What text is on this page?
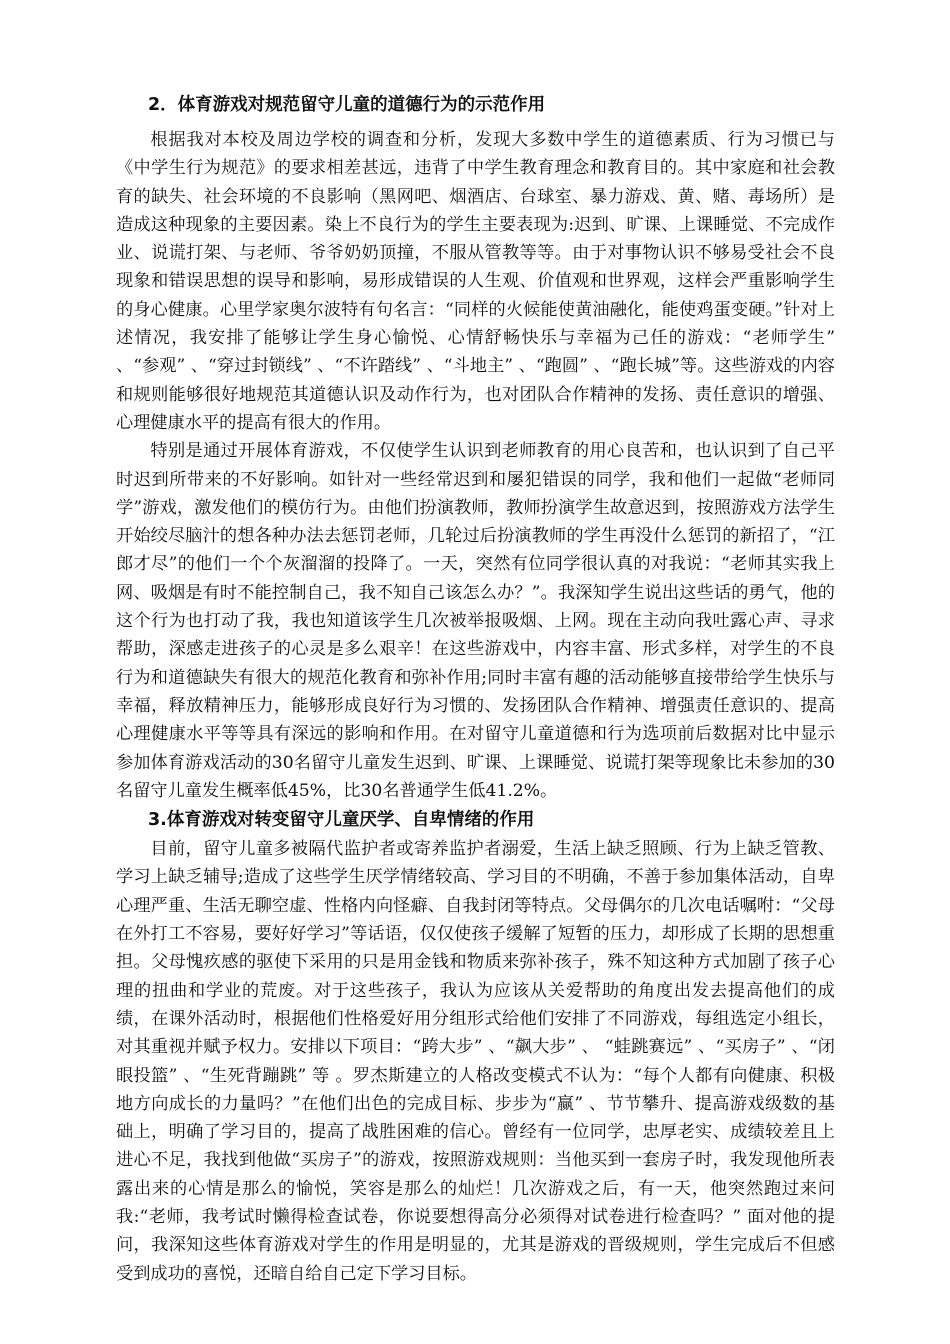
2．体育游戏对规范留守儿童的道德行为的示范作用

根据我对本校及周边学校的调查和分析，发现大多数中学生的道德素质、行为习惯已与《中学生行为规范》的要求相差甚远，违背了中学生教育理念和教育目的。其中家庭和社会教育的缺失、社会环境的不良影响（黑网吧、烟酒店、台球室、暴力游戏、黄、赌、毒场所）是造成这种现象的主要因素。染上不良行为的学生主要表现为:迟到、旷课、上课睡觉、不完成作业、说谎打架、与老师、爷爷奶奶顶撞，不服从管教等等。由于对事物认识不够易受社会不良现象和错误思想的误导和影响，易形成错误的人生观、价值观和世界观，这样会严重影响学生的身心健康。心里学家奥尔波特有句名言：“同样的火候能使黄油融化，能使鸡蛋变硬。”针对上述情况，我安排了能够让学生身心愉悦、心情舒畅快乐与幸福为己任的游戏：“老师学生” 、“参观” 、“穿过封锁线” 、“不许踏线” 、“斗地主” 、“跑圆” 、“跑长城”等。这些游戏的内容和规则能够很好地规范其道德认识及动作行为，也对团队合作精神的发扬、责任意识的增强、心理健康水平的提高有很大的作用。

特别是通过开展体育游戏，不仅使学生认识到老师教育的用心良苦和，也认识到了自己平时迟到所带来的不好影响。如针对一些经常迟到和屡犯错误的同学，我和他们一起做“老师同学”游戏，激发他们的模仿行为。由他们扮演教师，教师扮演学生故意迟到，按照游戏方法学生开始绞尽脑汁的想各种办法去惩罚老师，几轮过后扮演教师的学生再没什么惩罚的新招了，“江郎才尽”的他们一个个灰溜溜的投降了。一天，突然有位同学很认真的对我说：“老师其实我上网、吸烟是有时不能控制自己，我不知自己该怎么办？”。我深知学生说出这些话的勇气，他的这个行为也打动了我，我也知道该学生几次被举报吸烟、上网。现在主动向我吐露心声、寻求帮助，深感走进孩子的心灵是多么艰辛！在这些游戏中，内容丰富、形式多样，对学生的不良行为和道德缺失有很大的规范化教育和弥补作用;同时丰富有趣的活动能够直接带给学生快乐与幸福，释放精神压力，能够形成良好行为习惯的、发扬团队合作精神、增强责任意识的、提高心理健康水平等等具有深远的影响和作用。在对留守儿童道德和行为选项前后数据对比中显示参加体育游戏活动的30名留守儿童发生迟到、旷课、上课睡觉、说谎打架等现象比未参加的30名留守儿童发生概率低45%，比30名普通学生低41.2%。

3.体育游戏对转变留守儿童厌学、自卑情绪的作用

目前，留守儿童多被隔代监护者或寄养监护者溺爱，生活上缺乏照顾、行为上缺乏管教、学习上缺乏辅导;造成了这些学生厌学情绪较高、学习目的不明确，不善于参加集体活动，自卑心理严重、生活无聊空虚、性格内向怪癖、自我封闭等特点。父母偶尔的几次电话嘱咐：“父母在外打工不容易，要好好学习”等话语，仅仅使孩子缓解了短暂的压力，却形成了长期的思想重担。父母愧疚感的驱使下采用的只是用金钱和物质来弥补孩子，殊不知这种方式加剧了孩子心理的扭曲和学业的荒废。对于这些孩子，我认为应该从关爱帮助的角度出发去提高他们的成绩，在课外活动时，根据他们性格爱好用分组形式给他们安排了不同游戏，每组选定小组长，对其重视并赋予权力。安排以下项目：“跨大步” 、“飙大步” 、 “蛙跳赛远” 、“买房子” 、“闭眼投篮” 、“生死背蹦跳” 等 。罗杰斯建立的人格改变模式不认为：“每个人都有向健康、积极地方向成长的力量吗？”在他们出色的完成目标、步步为“赢” 、节节攀升、提高游戏级数的基础上，明确了学习目的，提高了战胜困难的信心。曾经有一位同学，忠厚老实、成绩较差且上进心不足，我找到他做“买房子”的游戏，按照游戏规则：当他买到一套房子时，我发现他所表露出来的心情是那么的愉悦，笑容是那么的灿烂！几次游戏之后，有一天，他突然跑过来问我:“老师，我考试时懒得检查试卷，你说要想得高分必须得对试卷进行检查吗？” 面对他的提问，我深知这些体育游戏对学生的作用是明显的，尤其是游戏的晋级规则，学生完成后不但感受到成功的喜悦，还暗自给自己定下学习目标。
